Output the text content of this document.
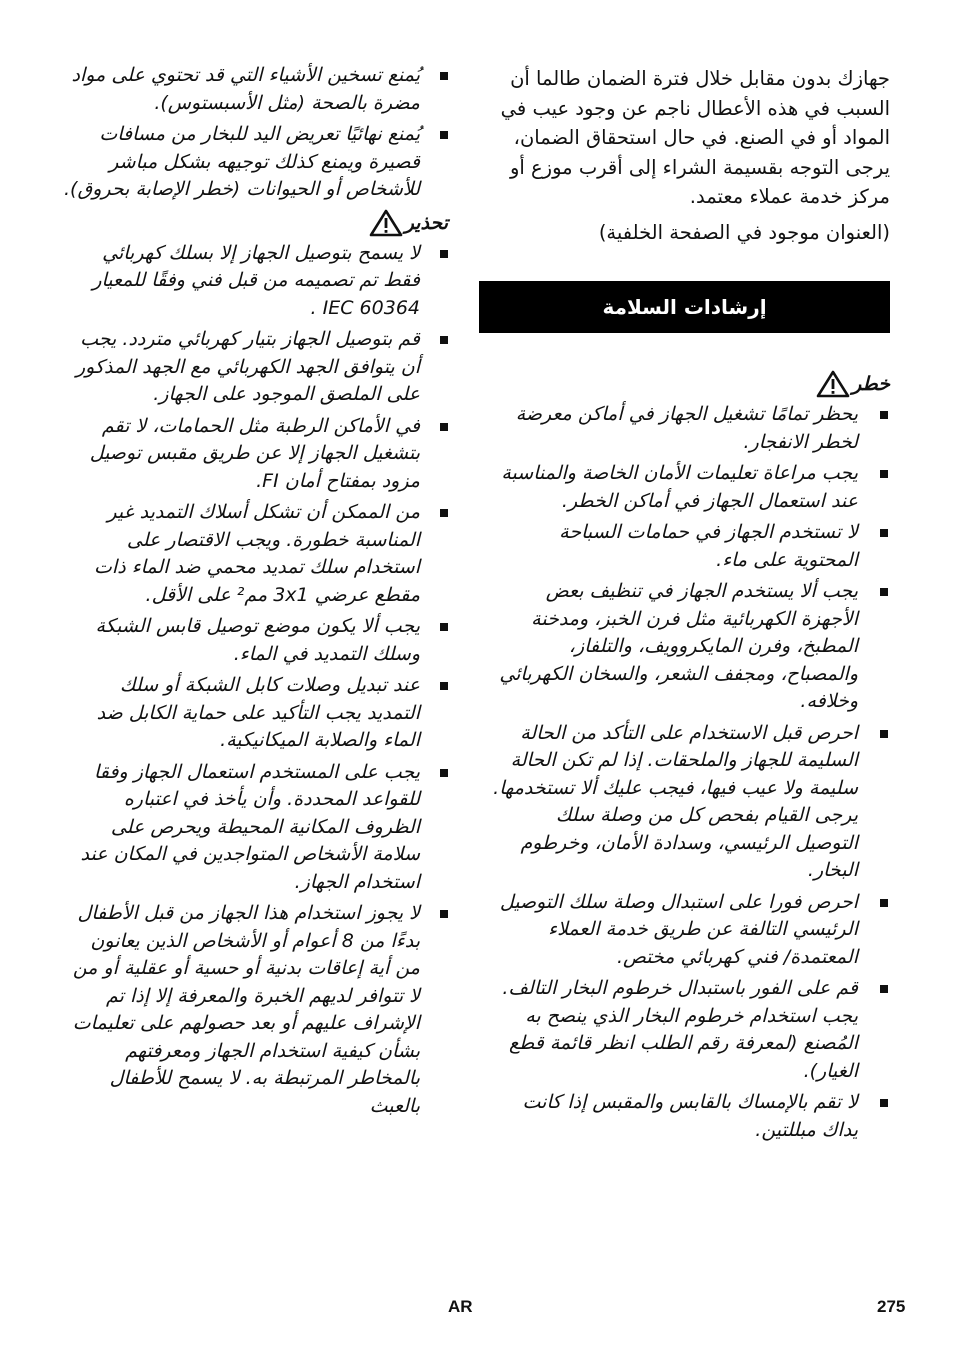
جهازك بدون مقابل خلال فترة الضمان طالما أن السبب في هذه الأعطال ناجم عن وجود عيب في المواد أو في الصنع. في حال استحقاق الضمان، يرجى التوجه بقسيمة الشراء إلى أقرب موزع أو مركز خدمة عملاء معتمد.

(العنوان موجود في الصفحة الخلفية)

إرشادات السلامة
خطر
يحظر تمامًا تشغيل الجهاز في أماكن معرضة لخطر الانفجار.
يجب مراعاة تعليمات الأمان الخاصة والمناسبة عند استعمال الجهاز في أماكن الخطر.
لا تستخدم الجهاز في حمامات السباحة المحتوية على ماء.
يجب ألا يستخدم الجهاز في تنظيف بعض الأجهزة الكهربائية مثل فرن الخبز، ومدخنة المطبخ، وفرن المايكروويف، والتلفاز، والمصباح، ومجفف الشعر، والسخان الكهربائي وخلافه.
احرص قبل الاستخدام على التأكد من الحالة السليمة للجهاز والملحقات. إذا لم تكن الحالة سليمة ولا عيب فيها، فيجب عليك ألا تستخدمها. يرجى القيام بفحص كل من وصلة سلك التوصيل الرئيسي، وسدادة الأمان، وخرطوم البخار.
احرص فورا على استبدال وصلة سلك التوصيل الرئيسي التالفة عن طريق خدمة العملاء المعتمدة/ فني كهربائي مختص.
قم على الفور باستبدال خرطوم البخار التالف. يجب استخدام خرطوم البخار الذي ينصح به المُصنع (لمعرفة رقم الطلب انظر قائمة قطع الغيار).
لا تقم بالإمساك بالقابس والمقبس إذا كانت يداك مبللتين.
يُمنع تسخين الأشياء التي قد تحتوي على مواد مضرة بالصحة (مثل الأسبستوس).
يُمنع نهائيًا تعريض اليد للبخار من مسافات قصيرة ويمنع كذلك توجيهه بشكل مباشر للأشخاص أو الحيوانات (خطر الإصابة بحروق).
تحذير
لا يسمح بتوصيل الجهاز إلا بسلك كهربائي فقط تم تصميمه من قبل فني وفقًا للمعيار IEC 60364 .
قم بتوصيل الجهاز بتيار كهربائي متردد. يجب أن يتوافق الجهد الكهربائي مع الجهد المذكور على الملصق الموجود على الجهاز.
في الأماكن الرطبة مثل الحمامات، لا تقم بتشغيل الجهاز إلا عن طريق مقبس توصيل مزود بمفتاح أمان FI.
من الممكن أن تشكل أسلاك التمديد غير المناسبة خطورة. ويجب الاقتصار على استخدام سلك تمديد محمي ضد الماء ذات مقطع عرضي 3x1 مم² على الأقل.
يجب ألا يكون موضع توصيل قابس الشبكة وسلك التمديد في الماء.
عند تبديل وصلات كابل الشبكة أو سلك التمديد يجب التأكيد على حماية الكابل ضد الماء والصلابة الميكانيكية.
يجب على المستخدم استعمال الجهاز وفقا للقواعد المحددة. وأن يأخذ في اعتباره الظروف المكانية المحيطة ويحرص على سلامة الأشخاص المتواجدين في المكان عند استخدام الجهاز.
لا يجوز استخدام هذا الجهاز من قبل الأطفال بدءًا من 8 أعوام أو الأشخاص الذين يعانون من أية إعاقات بدنية أو حسية أو عقلية أو من لا تتوافر لديهم الخبرة والمعرفة إلا إذا تم الإشراف عليهم أو بعد حصولهم على تعليمات بشأن كيفية استخدام الجهاز ومعرفتهم بالمخاطر المرتبطة به. لا يسمح للأطفال بالعبث
AR	275
